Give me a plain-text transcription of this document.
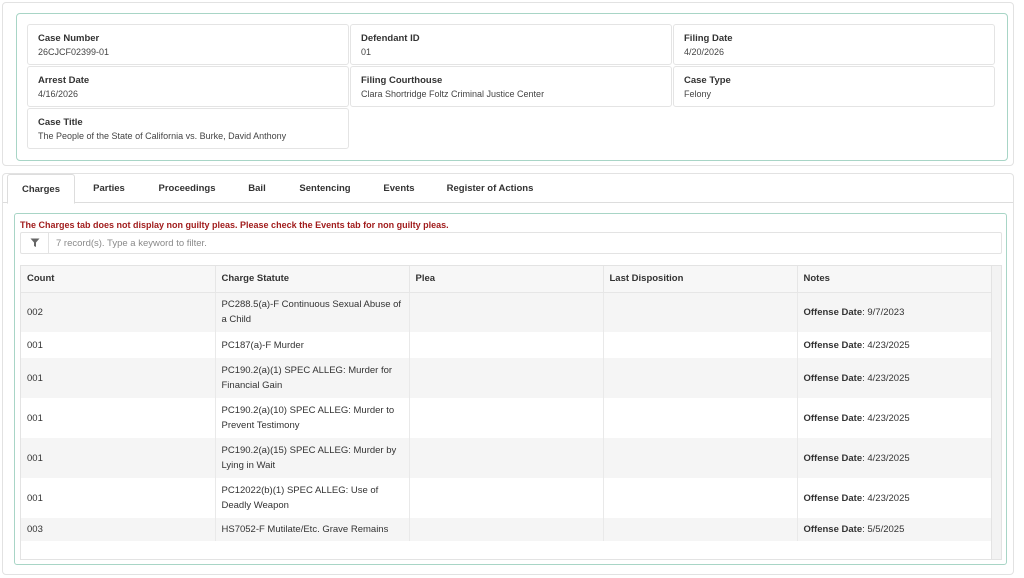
Case Number
26CJCF02399-01
Defendant ID
01
Filing Date
4/20/2026
Arrest Date
4/16/2026
Filing Courthouse
Clara Shortridge Foltz Criminal Justice Center
Case Type
Felony
Case Title
The People of the State of California vs. Burke, David Anthony
Charges	Parties	Proceedings	Bail	Sentencing	Events	Register of Actions
The Charges tab does not display non guilty pleas. Please check the Events tab for non guilty pleas.
7 record(s). Type a keyword to filter.
Count	Charge Statute	Plea	Last Disposition	Notes
002	PC288.5(a)-F Continuous Sexual Abuse of a Child			Offense Date: 9/7/2023
001	PC187(a)-F Murder			Offense Date: 4/23/2025
001	PC190.2(a)(1) SPEC ALLEG: Murder for Financial Gain			Offense Date: 4/23/2025
001	PC190.2(a)(10) SPEC ALLEG: Murder to Prevent Testimony			Offense Date: 4/23/2025
001	PC190.2(a)(15) SPEC ALLEG: Murder by Lying in Wait			Offense Date: 4/23/2025
001	PC12022(b)(1) SPEC ALLEG: Use of Deadly Weapon			Offense Date: 4/23/2025
003	HS7052-F Mutilate/Etc. Grave Remains			Offense Date: 5/5/2025
